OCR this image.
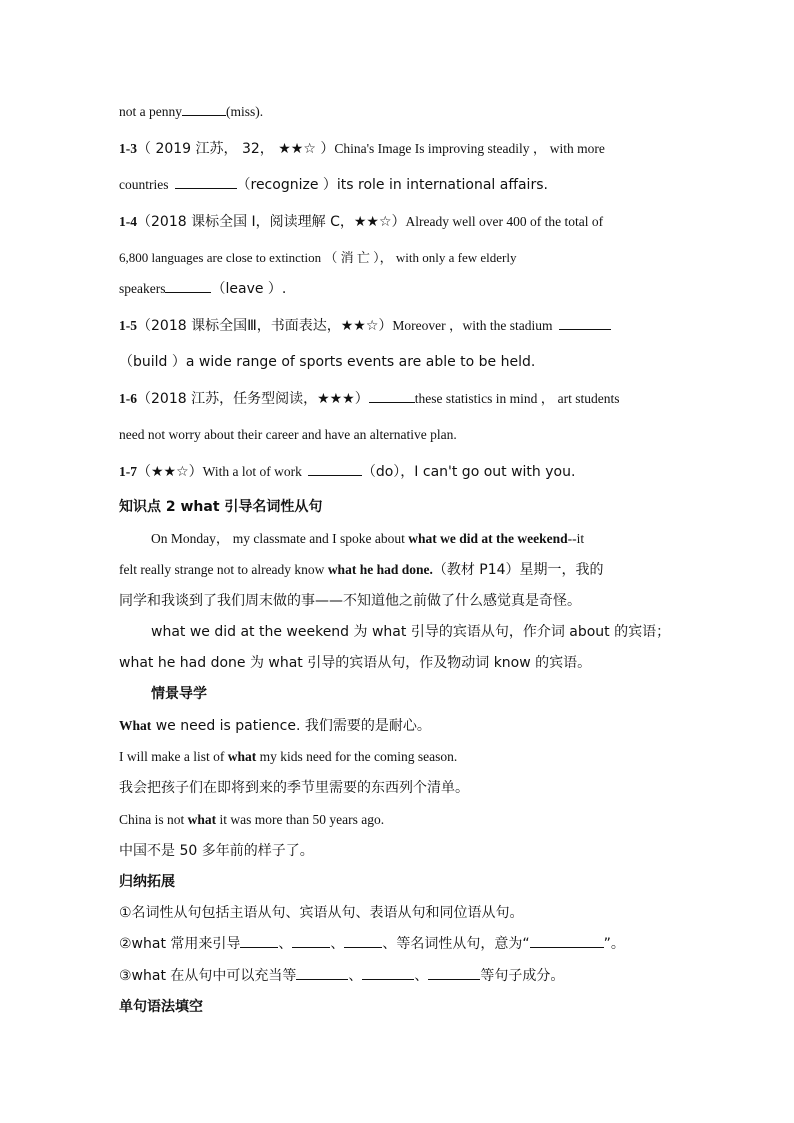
not a penny	(miss).
1-3（ 2019 江苏， 32， ★★☆ ）China's Image Is improving steadily ， with more
countries	（recognize ）its role in international affairs.
1-4（2018 课标全国 I，阅读理解 C，★★☆）Already well over 400 of the total of
6,800 languages are close to extinction （ 消 亡 ）， with only a few elderly
speakers	（leave ）.
1-5（2018 课标全国Ⅲ，书面表达，★★☆）Moreover ，with the stadium
（build ）a wide range of sports events are able to be held.
1-6（2018 江苏，任务型阅读，★★★）	these statistics in mind ， art students
need not worry about their career and have an alternative plan.
1-7（★★☆）With a lot of work	（do），I can't go out with you.
知识点 2 what 引导名词性从句
On Monday， my classmate and I spoke about what we did at the weekend--it
felt really strange not to already know what he had done.（教材 P14）星期一，我的
同学和我谈到了我们周末做的事——不知道他之前做了什么感觉真是奇怪。
what we did at the weekend 为 what 引导的宾语从句，作介词 about 的宾语；
what he had done 为 what 引导的宾语从句，作及物动词 know 的宾语。
情景导学
What we need is patience. 我们需要的是耐心。
I will make a list of what my kids need for the coming season.
我会把孩子们在即将到来的季节里需要的东西列个清单。
China is not what it was more than 50 years ago.
中国不是 50 多年前的样子了。
归纳拓展
①名词性从句包括主语从句、宾语从句、表语从句和同位语从句。
②what 常用来引导	、	、	、等名词性从句，意为“	”。
③what 在从句中可以充当等	、	、	等句子成分。
单句语法填空
